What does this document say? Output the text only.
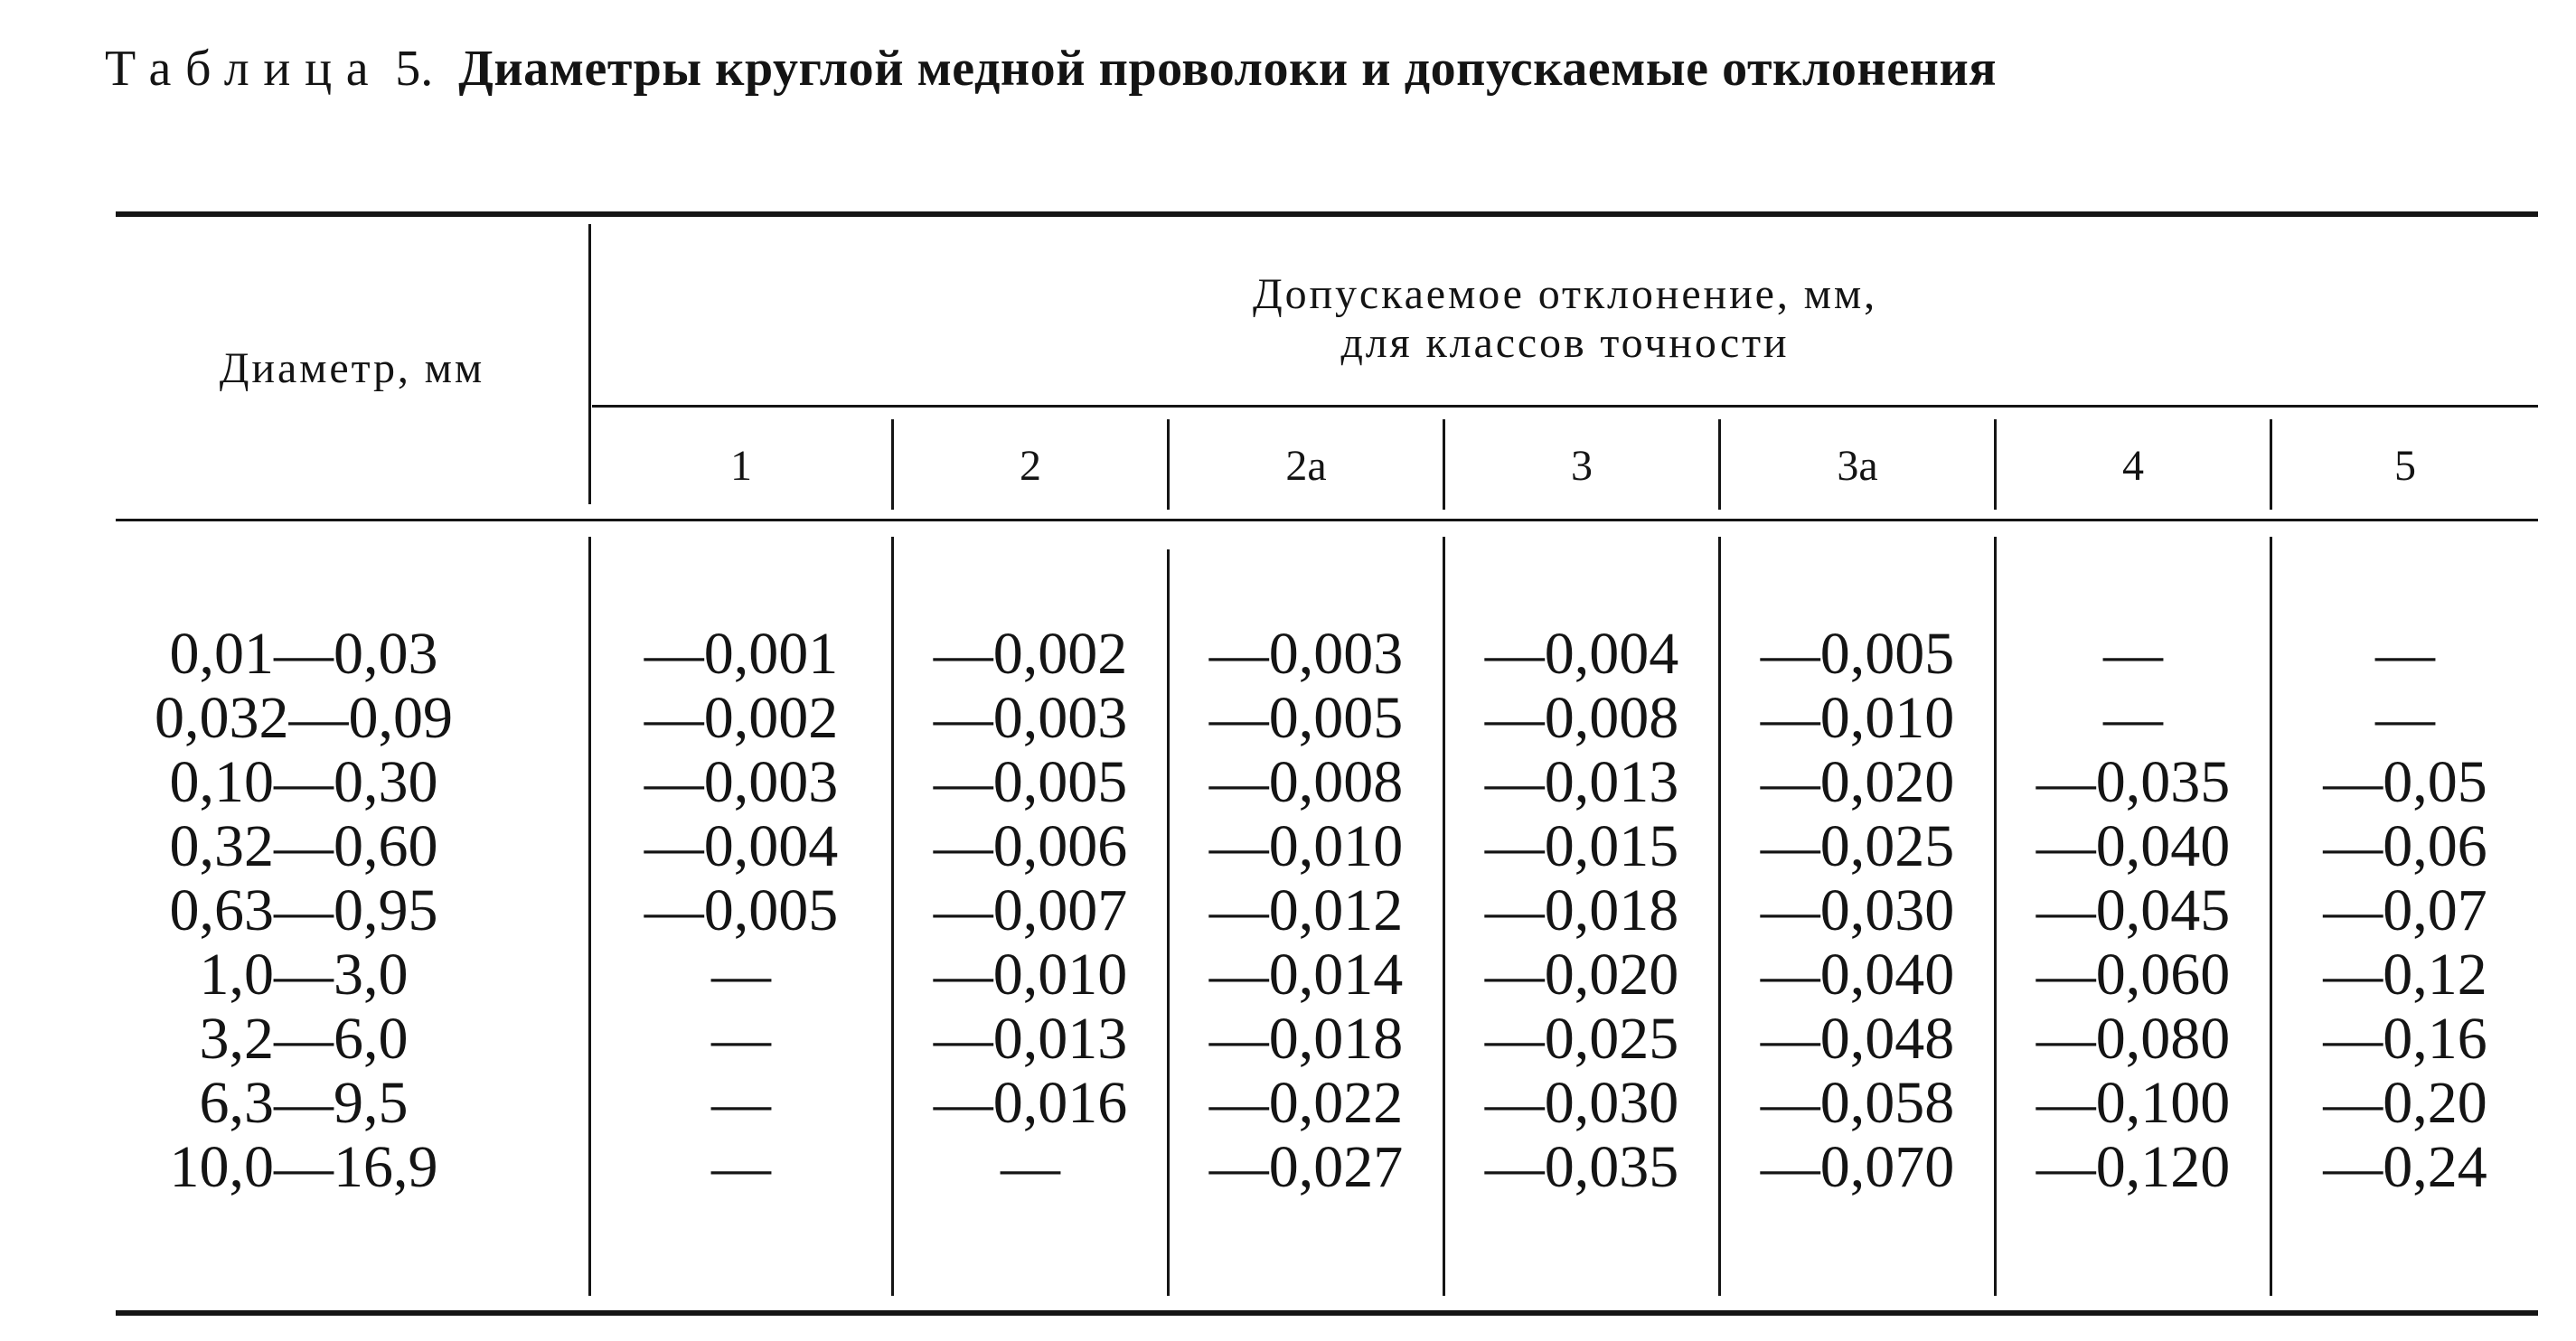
Таблица 5. Диаметры круглой медной проволоки и допускаемые отклонения
Диаметр, мм
Допускаемое отклонение, мм,
для классов точности
1	2	2а	3	3а	4	5
0,01—0,03	—0,001	—0,002	—0,003	—0,004	—0,005	—	—
0,032—0,09	—0,002	—0,003	—0,005	—0,008	—0,010	—	—
0,10—0,30	—0,003	—0,005	—0,008	—0,013	—0,020	—0,035	—0,05
0,32—0,60	—0,004	—0,006	—0,010	—0,015	—0,025	—0,040	—0,06
0,63—0,95	—0,005	—0,007	—0,012	—0,018	—0,030	—0,045	—0,07
1,0—3,0	—	—0,010	—0,014	—0,020	—0,040	—0,060	—0,12
3,2—6,0	—	—0,013	—0,018	—0,025	—0,048	—0,080	—0,16
6,3—9,5	—	—0,016	—0,022	—0,030	—0,058	—0,100	—0,20
10,0—16,9	—	—	—0,027	—0,035	—0,070	—0,120	—0,24
